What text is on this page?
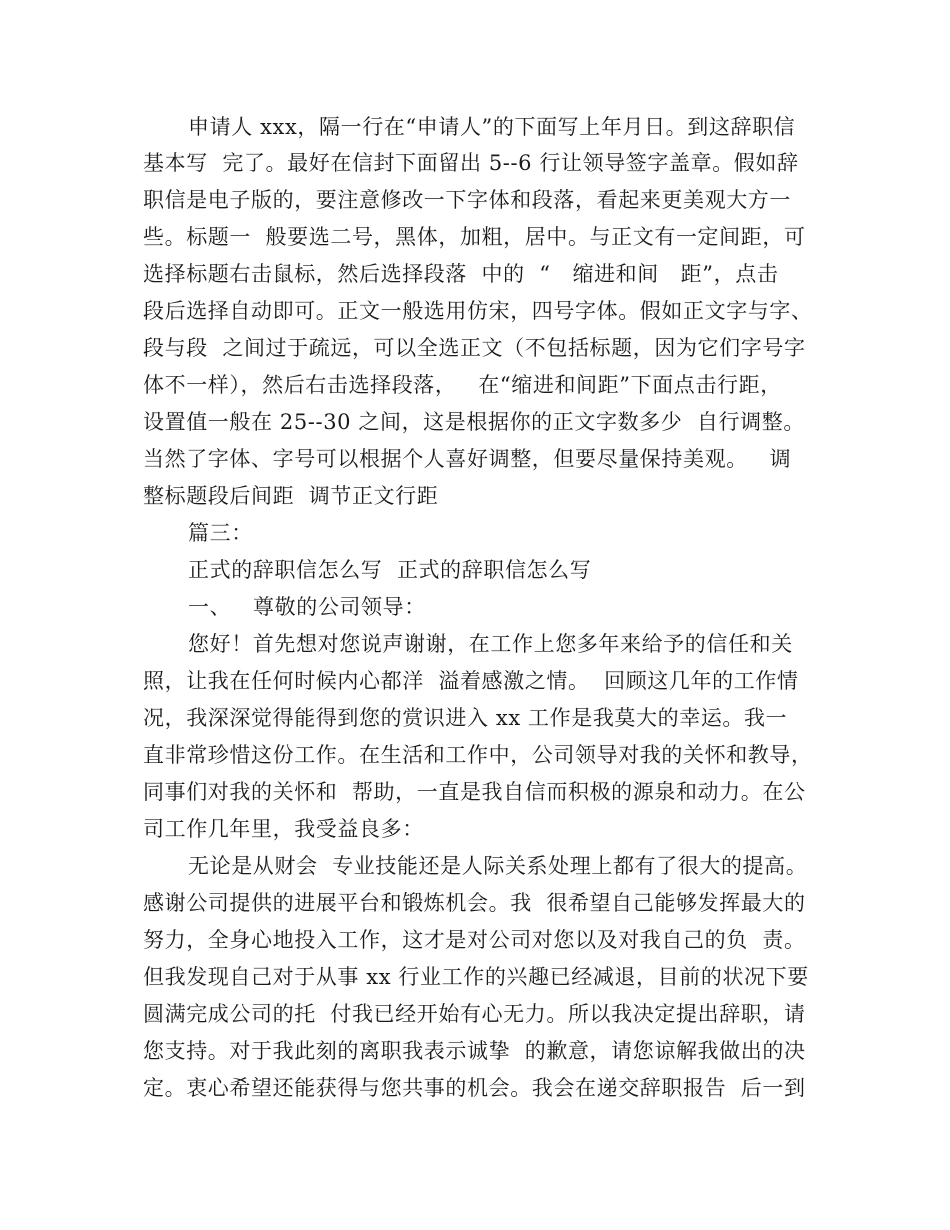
申请人 xxx，隔一行在“申请人”的下面写上年月日。到这辞职信
基本写  完了。最好在信封下面留出 5--6 行让领导签字盖章。假如辞
职信是电子版的，要注意修改一下字体和段落，看起来更美观大方一
些。标题一  般要选二号，黑体，加粗，居中。与正文有一定间距，可
选择标题右击鼠标，然后选择段落  中的  “   缩进和间   距”，点击
段后选择自动即可。正文一般选用仿宋，四号字体。假如正文字与字、
段与段  之间过于疏远，可以全选正文（不包括标题，因为它们字号字
体不一样），然后右击选择段落，   在“缩进和间距”下面点击行距，
设置值一般在 25--30 之间，这是根据你的正文字数多少  自行调整。
当然了字体、字号可以根据个人喜好调整，但要尽量保持美观。   调
整标题段后间距  调节正文行距
篇三：
正式的辞职信怎么写  正式的辞职信怎么写
一、   尊敬的公司领导：
您好！首先想对您说声谢谢，在工作上您多年来给予的信任和关
照，让我在任何时候内心都洋  溢着感激之情。  回顾这几年的工作情
况，我深深觉得能得到您的赏识进入 xx 工作是我莫大的幸运。我一
直非常珍惜这份工作。在生活和工作中，公司领导对我的关怀和教导，
同事们对我的关怀和  帮助，一直是我自信而积极的源泉和动力。在公
司工作几年里，我受益良多：
无论是从财会  专业技能还是人际关系处理上都有了很大的提高。
感谢公司提供的进展平台和锻炼机会。我  很希望自己能够发挥最大的
努力，全身心地投入工作，这才是对公司对您以及对我自己的负  责。
但我发现自己对于从事 xx 行业工作的兴趣已经减退，目前的状况下要
圆满完成公司的托  付我已经开始有心无力。所以我决定提出辞职，请
您支持。对于我此刻的离职我表示诚挚  的歉意，请您谅解我做出的决
定。衷心希望还能获得与您共事的机会。我会在递交辞职报告  后一到
